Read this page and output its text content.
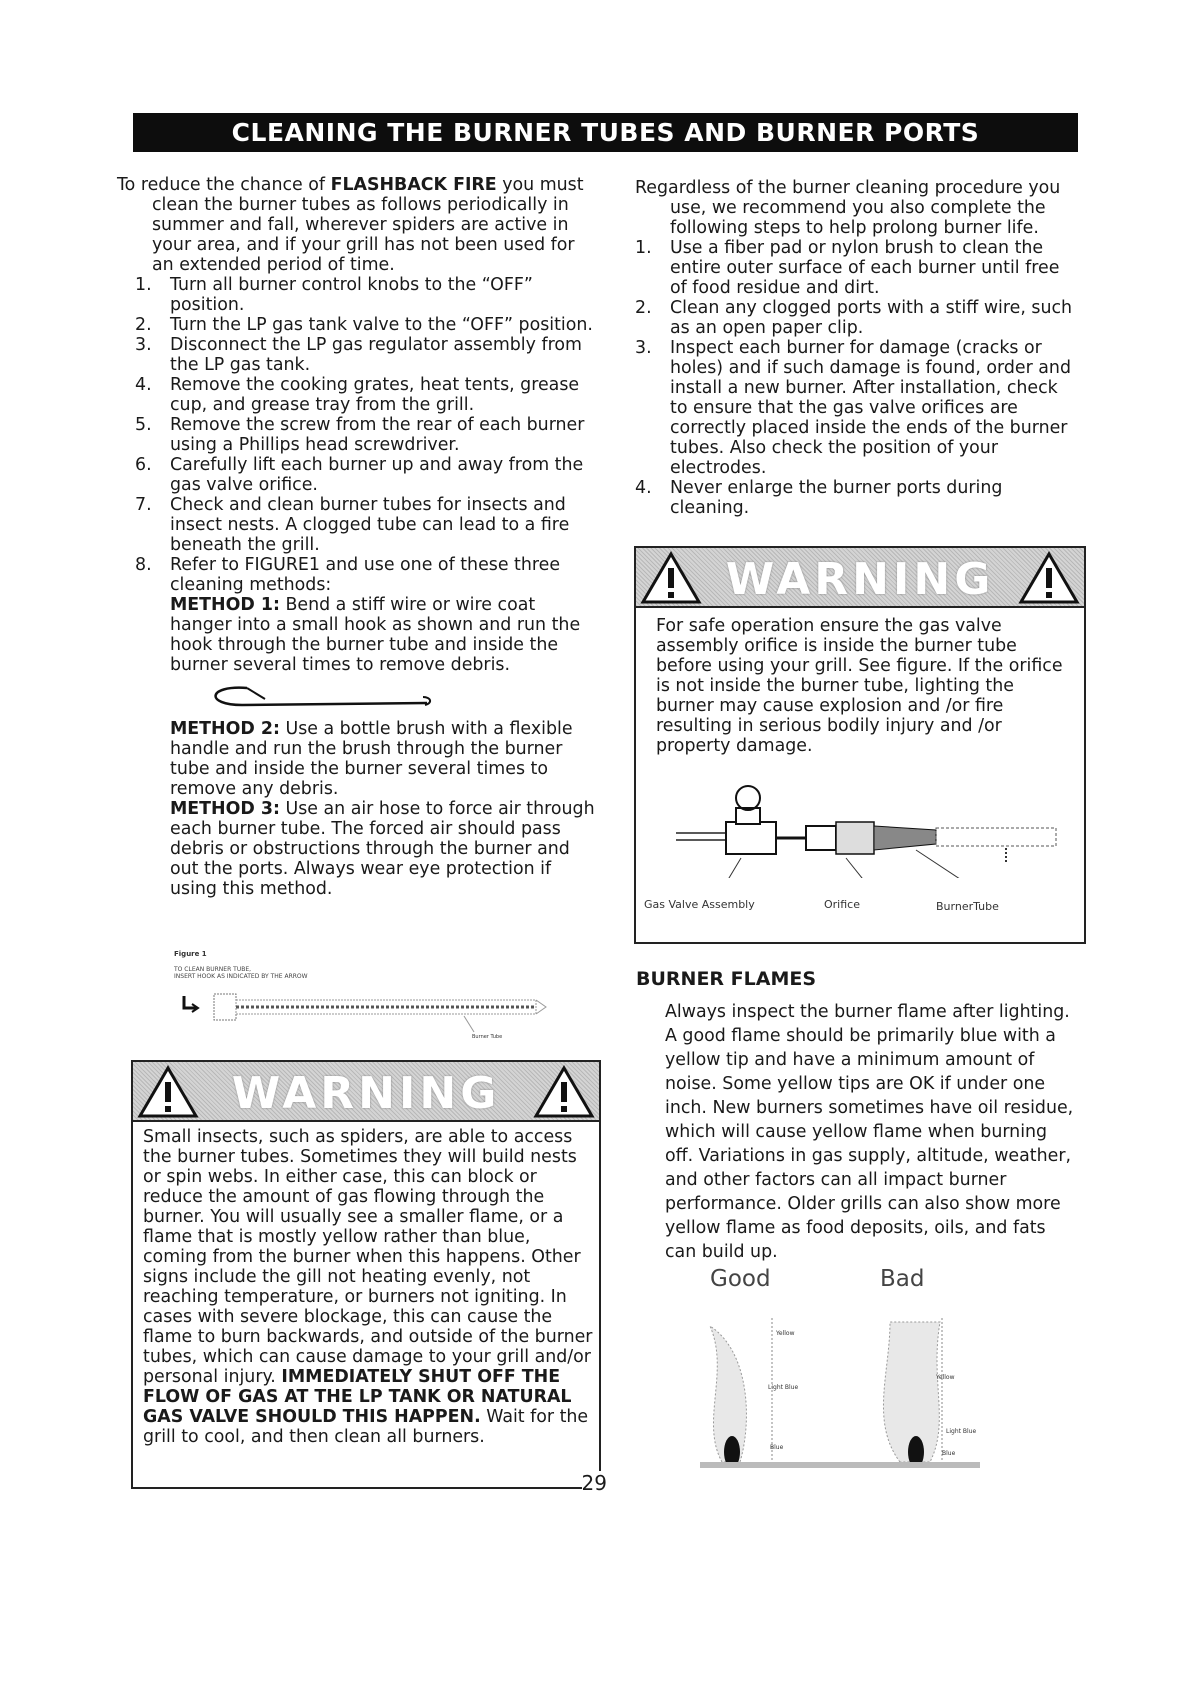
CLEANING THE BURNER TUBES AND BURNER PORTS

To reduce the chance of FLASHBACK FIRE you must clean the burner tubes as follows periodically in summer and fall, wherever spiders are active in your area, and if your grill has not been used for an extended period of time.

1. Turn all burner control knobs to the “OFF” position.
2. Turn the LP gas tank valve to the “OFF” position.
3. Disconnect the LP gas regulator assembly from the LP gas tank.
4. Remove the cooking grates, heat tents, grease cup, and grease tray from the grill.
5. Remove the screw from the rear of each burner using a Phillips head screwdriver.
6. Carefully lift each burner up and away from the gas valve orifice.
7. Check and clean burner tubes for insects and insect nests. A clogged tube can lead to a fire beneath the grill.
8. Refer to FIGURE1 and use one of these three cleaning methods:

METHOD 1: Bend a stiff wire or wire coat hanger into a small hook as shown and run the hook through the burner tube and inside the burner several times to remove debris.

METHOD 2: Use a bottle brush with a flexible handle and run the brush through the burner tube and inside the burner several times to remove any debris.

METHOD 3: Use an air hose to force air through each burner tube. The forced air should pass debris or obstructions through the burner and out the ports. Always wear eye protection if using this method.

Figure 1
TO CLEAN BURNER TUBE,
INSERT HOOK AS INDICATED BY THE ARROW
Burner Tube
WARNING
Small insects, such as spiders, are able to access the burner tubes. Sometimes they will build nests or spin webs. In either case, this can block or reduce the amount of gas flowing through the burner. You will usually see a smaller flame, or a flame that is mostly yellow rather than blue, coming from the burner when this happens. Other signs include the gill not heating evenly, not reaching temperature, or burners not igniting. In cases with severe blockage, this can cause the flame to burn backwards, and outside of the burner tubes, which can cause damage to your grill and/or personal injury. IMMEDIATELY SHUT OFF THE FLOW OF GAS AT THE LP TANK OR NATURAL GAS VALVE SHOULD THIS HAPPEN. Wait for the grill to cool, and then clean all burners.
29

Regardless of the burner cleaning procedure you use, we recommend you also complete the following steps to help prolong burner life.

1. Use a fiber pad or nylon brush to clean the entire outer surface of each burner until free of food residue and dirt.
2. Clean any clogged ports with a stiff wire, such as an open paper clip.
3. Inspect each burner for damage (cracks or holes) and if such damage is found, order and install a new burner. After installation, check to ensure that the gas valve orifices are correctly placed inside the ends of the burner tubes. Also check the position of your electrodes.
4. Never enlarge the burner ports during cleaning.
WARNING
For safe operation ensure the gas valve assembly orifice is inside the burner tube before using your grill. See figure. If the orifice is not inside the burner tube, lighting the burner may cause explosion and /or fire resulting in serious bodily injury and /or property damage.
Gas Valve Assembly	Orifice	BurnerTube
BURNER FLAMES
Always inspect the burner flame after lighting. A good flame should be primarily blue with a yellow tip and have a minimum amount of noise. Some yellow tips are OK if under one inch. New burners sometimes have oil residue, which will cause yellow flame when burning off. Variations in gas supply, altitude, weather, and other factors can all impact burner performance. Older grills can also show more yellow flame as food deposits, oils, and fats can build up.
Good	Bad
Yellow
Light Blue
Blue
Yellow
Light Blue
Blue
